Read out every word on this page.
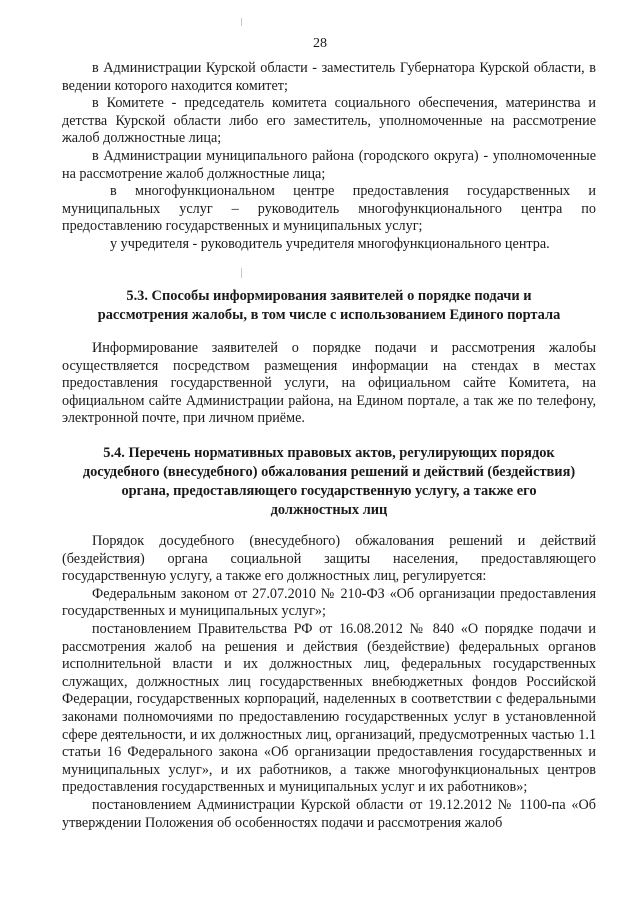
28

в Администрации Курской области - заместитель Губернатора Курской области, в ведении которого находится комитет;

в Комитете - председатель комитета социального обеспечения, материнства и детства Курской области либо его заместитель, уполномоченные на рассмотрение жалоб должностные лица;

в Администрации муниципального района (городского округа) - уполномоченные на рассмотрение жалоб должностные лица;

в многофункциональном центре предоставления государственных и муниципальных услуг – руководитель многофункционального центра по предоставлению государственных и муниципальных услуг;

у учредителя - руководитель учредителя многофункционального центра.

5.3. Способы информирования заявителей о порядке подачи и

рассмотрения жалобы, в том числе с использованием Единого портала

Информирование заявителей о порядке подачи и рассмотрения жалобы осуществляется посредством размещения информации на стендах в местах предоставления государственной услуги, на официальном сайте Комитета, на официальном сайте Администрации района, на Едином портале, а так же по телефону, электронной почте, при личном приёме.

5.4. Перечень нормативных правовых актов, регулирующих порядок

досудебного (внесудебного) обжалования решений и действий (бездействия)

органа, предоставляющего государственную услугу, а также его

должностных лиц

Порядок досудебного (внесудебного) обжалования решений и действий (бездействия) органа социальной защиты населения, предоставляющего государственную услугу, а также его должностных лиц, регулируется:

Федеральным законом от 27.07.2010 № 210-ФЗ «Об организации предоставления государственных и муниципальных услуг»;

постановлением Правительства РФ от 16.08.2012 № 840 «О порядке подачи и рассмотрения жалоб на решения и действия (бездействие) федеральных органов исполнительной власти и их должностных лиц, федеральных государственных служащих, должностных лиц государственных внебюджетных фондов Российской Федерации, государственных корпораций, наделенных в соответствии с федеральными законами полномочиями по предоставлению государственных услуг в установленной сфере деятельности, и их должностных лиц, организаций, предусмотренных частью 1.1 статьи 16 Федерального закона «Об организации предоставления государственных и муниципальных услуг», и их работников, а также многофункциональных центров предоставления государственных и муниципальных услуг и их работников»;

постановлением Администрации Курской области от 19.12.2012 № 1100-па «Об утверждении Положения об особенностях подачи и рассмотрения жалоб
